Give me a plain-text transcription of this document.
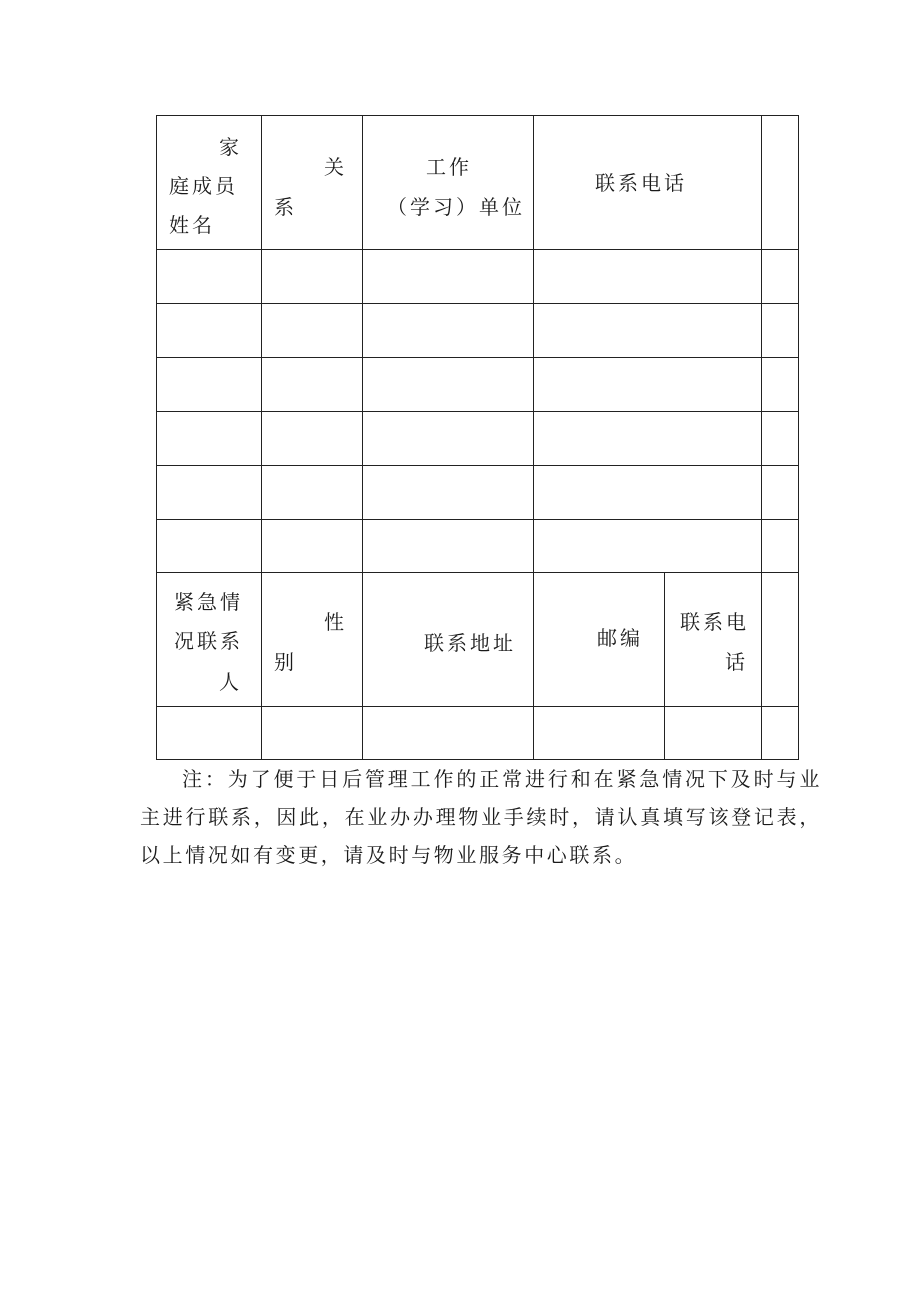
家
庭成员
姓名
关
系
工作
（学习）单位
联系电话
紧急情
况联系
人
性
别
联系地址	邮编
联系电
话

注：为了便于日后管理工作的正常进行和在紧急情况下及时与业主进行联系，因此，在业办办理物业手续时，请认真填写该登记表，以上情况如有变更，请及时与物业服务中心联系。
